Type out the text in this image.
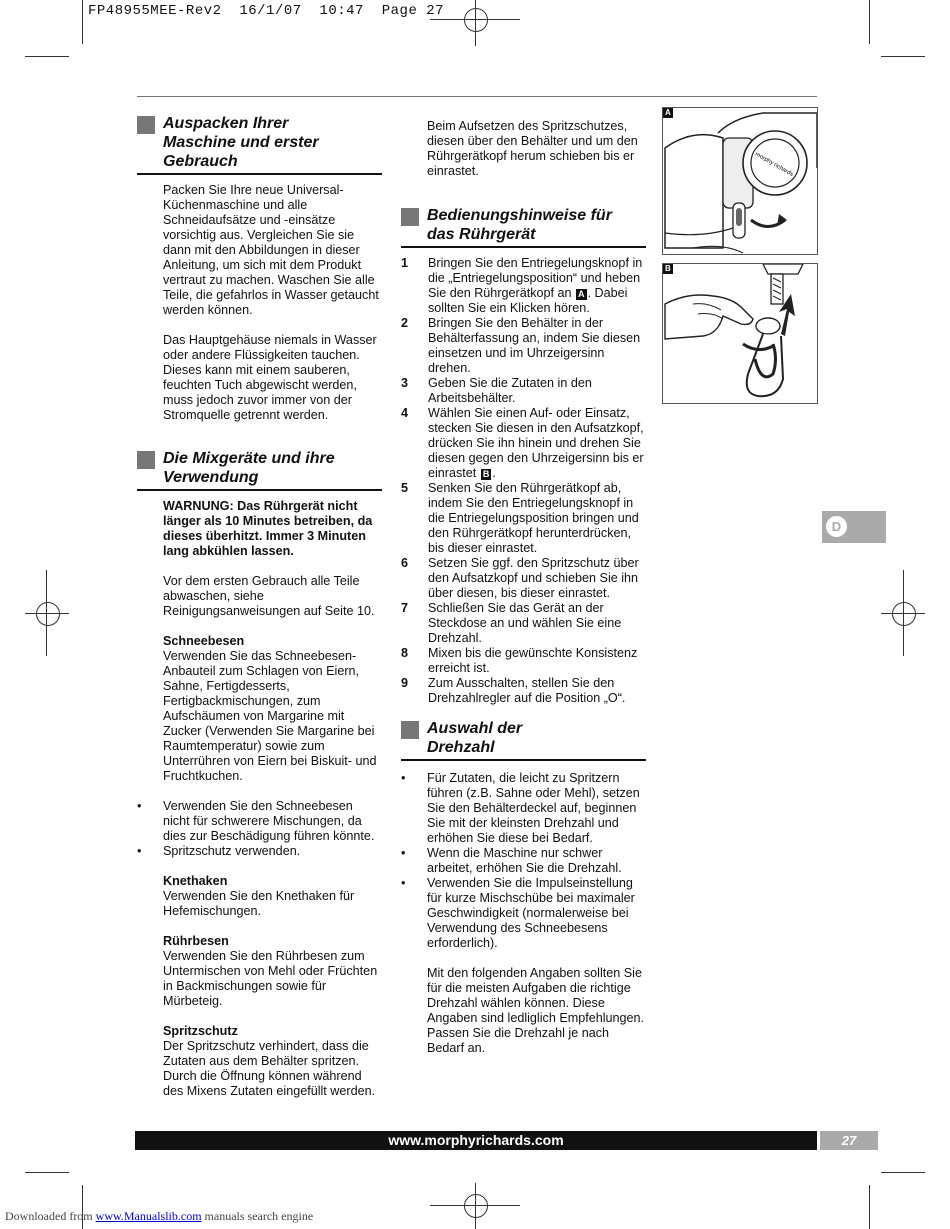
FP48955MEE-Rev2  16/1/07  10:47  Page 27
Auspacken Ihrer
Maschine und erster
Gebrauch
Packen Sie Ihre neue Universal-Küchenmaschine und alle Schneidaufsätze und -einsätze vorsichtig aus. Vergleichen Sie sie dann mit den Abbildungen in dieser Anleitung, um sich mit dem Produkt vertraut zu machen. Waschen Sie alle Teile, die gefahrlos in Wasser getaucht werden können.
Das Hauptgehäuse niemals in Wasser oder andere Flüssigkeiten tauchen. Dieses kann mit einem sauberen, feuchten Tuch abgewischt werden, muss jedoch zuvor immer von der Stromquelle getrennt werden.
Die Mixgeräte und ihre
Verwendung
WARNUNG: Das Rührgerät nicht länger als 10 Minutes betreiben, da dieses überhitzt. Immer 3 Minuten lang abkühlen lassen.
Vor dem ersten Gebrauch alle Teile abwaschen, siehe Reinigungsanweisungen auf Seite 10.
Schneebesen
Verwenden Sie das Schneebesen-Anbauteil zum Schlagen von Eiern, Sahne, Fertigdesserts, Fertigbackmischungen, zum Aufschäumen von Margarine mit Zucker (Verwenden Sie Margarine bei Raumtemperatur) sowie zum Unterrühren von Eiern bei Biskuit- und Fruchtkuchen.
• Verwenden Sie den Schneebesen nicht für schwerere Mischungen, da dies zur Beschädigung führen könnte.
• Spritzschutz verwenden.
Knethaken
Verwenden Sie den Knethaken für Hefemischungen.
Rührbesen
Verwenden Sie den Rührbesen zum Untermischen von Mehl oder Früchten in Backmischungen sowie für Mürbeteig.
Spritzschutz
Der Spritzschutz verhindert, dass die Zutaten aus dem Behälter spritzen. Durch die Öffnung können während des Mixens Zutaten eingefüllt werden.
Beim Aufsetzen des Spritzschutzes, diesen über den Behälter und um den Rührgerätkopf herum schieben bis er einrastet.
Bedienungshinweise für
das Rührgerät
1 Bringen Sie den Entriegelungsknopf in die „Entriegelungsposition“ und heben Sie den Rührgerätkopf an A . Dabei sollten Sie ein Klicken hören.
2 Bringen Sie den Behälter in der Behälterfassung an, indem Sie diesen einsetzen und im Uhrzeigersinn drehen.
3 Geben Sie die Zutaten in den Arbeitsbehälter.
4 Wählen Sie einen Auf- oder Einsatz, stecken Sie diesen in den Aufsatzkopf, drücken Sie ihn hinein und drehen Sie diesen gegen den Uhrzeigersinn bis er einrastet B .
5 Senken Sie den Rührgerätkopf ab, indem Sie den Entriegelungsknopf in die Entriegelungsposition bringen und den Rührgerätkopf herunterdrücken, bis dieser einrastet.
6 Setzen Sie ggf. den Spritzschutz über den Aufsatzkopf und schieben Sie ihn über diesen, bis dieser einrastet.
7 Schließen Sie das Gerät an der Steckdose an und wählen Sie eine Drehzahl.
8 Mixen bis die gewünschte Konsistenz erreicht ist.
9 Zum Ausschalten, stellen Sie den Drehzahlregler auf die Position „O“.
Auswahl der
Drehzahl
• Für Zutaten, die leicht zu Spritzern führen (z.B. Sahne oder Mehl), setzen Sie den Behälterdeckel auf, beginnen Sie mit der kleinsten Drehzahl und erhöhen Sie diese bei Bedarf.
• Wenn die Maschine nur schwer arbeitet, erhöhen Sie die Drehzahl.
• Verwenden Sie die Impulseinstellung für kurze Mischschübe bei maximaler Geschwindigkeit (normalerweise bei Verwendung des Schneebesens erforderlich).
Mit den folgenden Angaben sollten Sie für die meisten Aufgaben die richtige Drehzahl wählen können. Diese Angaben sind ledliglich Empfehlungen. Passen Sie die Drehzahl je nach Bedarf an.
morphy richards
A
B
D
www.morphyrichards.com	27
Downloaded from www.Manualslib.com manuals search engine
